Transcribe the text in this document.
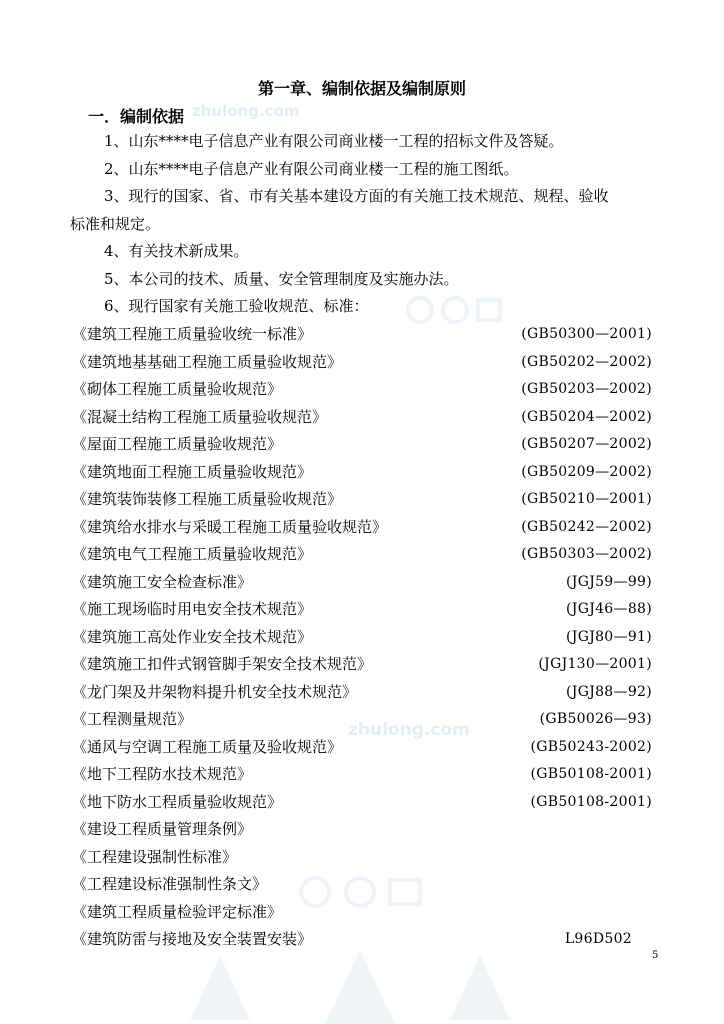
zhulong.com
zhulong.com
第一章、编制依据及编制原则
一．编制依据
1、山东****电子信息产业有限公司商业楼一工程的招标文件及答疑。
2、山东****电子信息产业有限公司商业楼一工程的施工图纸。
3、现行的国家、省、市有关基本建设方面的有关施工技术规范、规程、验收
标准和规定。
4、有关技术新成果。
5、本公司的技术、质量、安全管理制度及实施办法。
6、现行国家有关施工验收规范、标准：
《建筑工程施工质量验收统一标准》	(GB50300—2001)
《建筑地基基础工程施工质量验收规范》	(GB50202—2002)
《砌体工程施工质量验收规范》	(GB50203—2002)
《混凝土结构工程施工质量验收规范》	(GB50204—2002)
《屋面工程施工质量验收规范》	(GB50207—2002)
《建筑地面工程施工质量验收规范》	(GB50209—2002)
《建筑装饰装修工程施工质量验收规范》	(GB50210—2001)
《建筑给水排水与采暖工程施工质量验收规范》	(GB50242—2002)
《建筑电气工程施工质量验收规范》	(GB50303—2002)
《建筑施工安全检查标准》	(JGJ59—99)
《施工现场临时用电安全技术规范》	(JGJ46—88)
《建筑施工高处作业安全技术规范》	(JGJ80—91)
《建筑施工扣件式钢管脚手架安全技术规范》	(JGJ130—2001)
《龙门架及井架物料提升机安全技术规范》	(JGJ88—92)
《工程测量规范》	(GB50026—93)
《通风与空调工程施工质量及验收规范》	(GB50243-2002)
《地下工程防水技术规范》	(GB50108-2001)
《地下防水工程质量验收规范》	(GB50108-2001)
《建设工程质量管理条例》
《工程建设强制性标准》
《工程建设标准强制性条文》
《建筑工程质量检验评定标准》
《建筑防雷与接地及安全装置安装》	L96D502
5
